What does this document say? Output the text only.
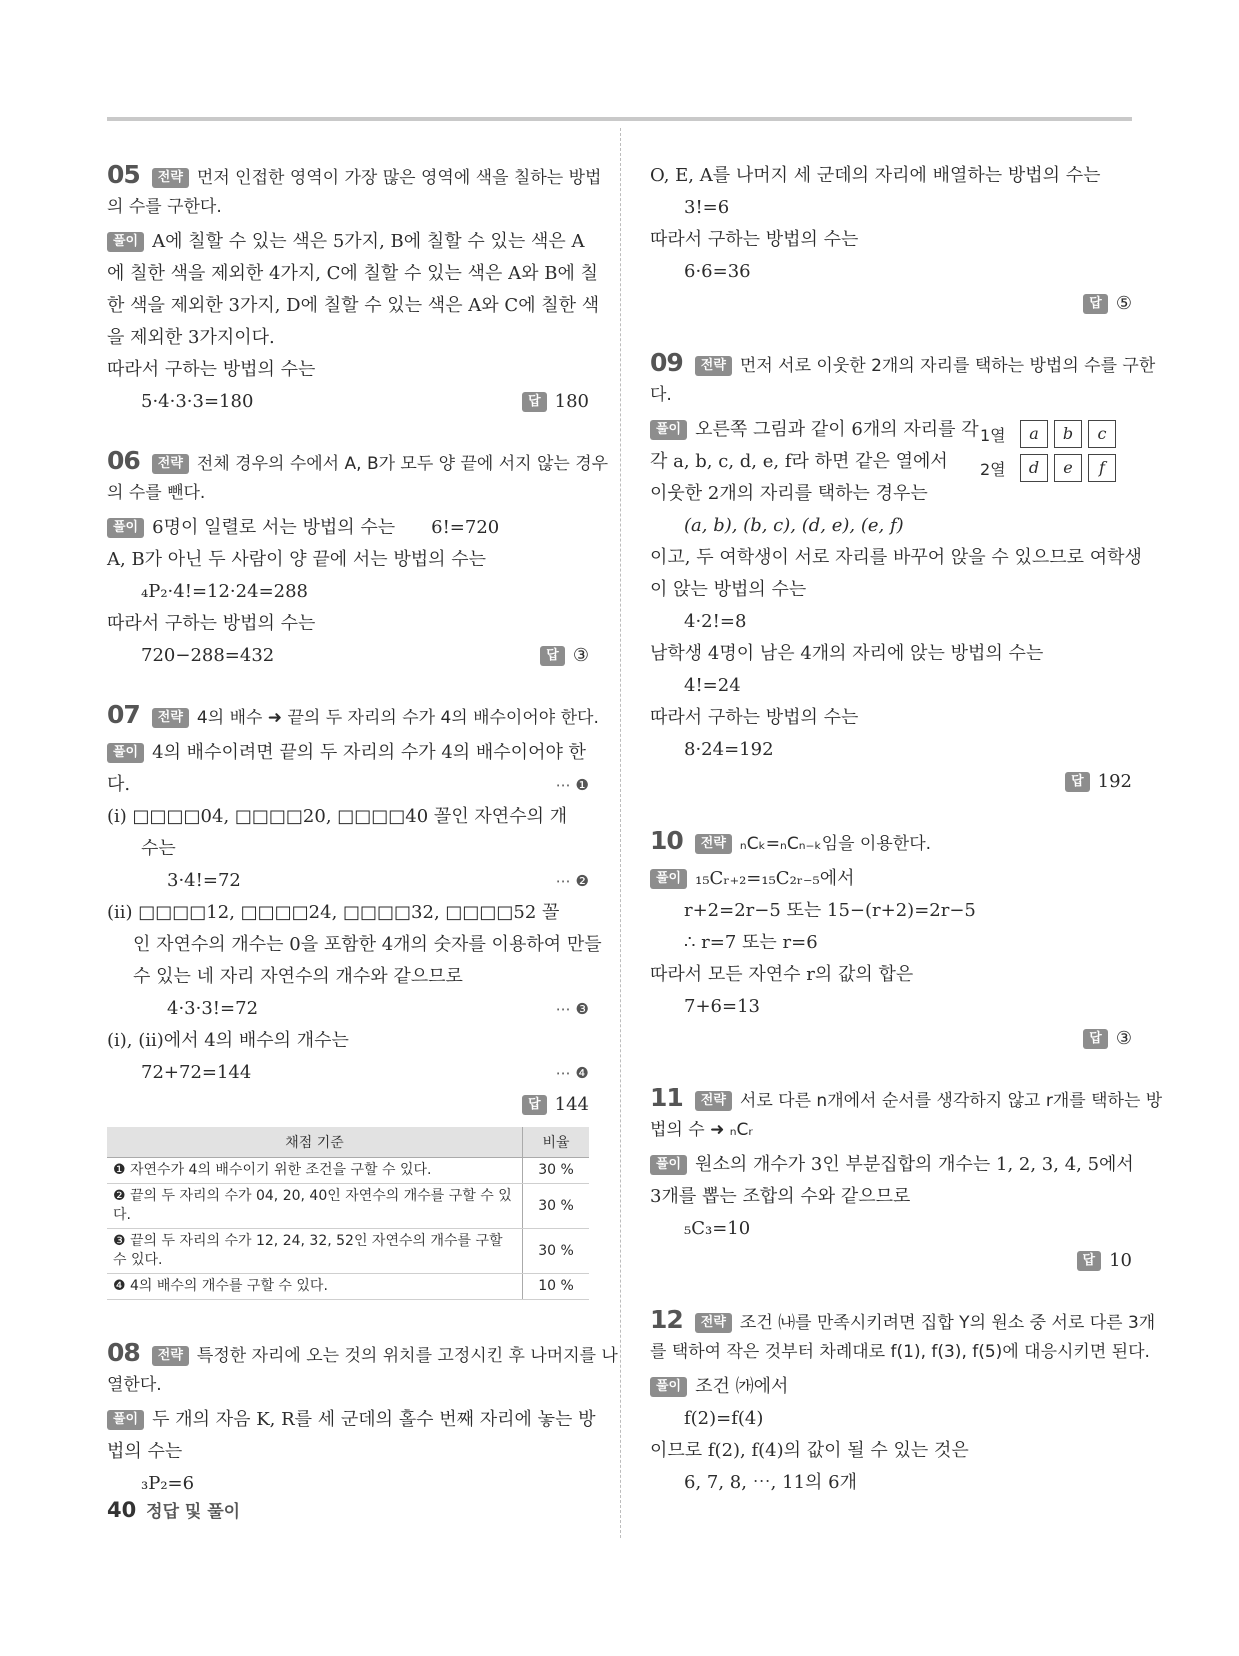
05 전략 먼저 인접한 영역이 가장 많은 영역에 색을 칠하는 방법
의 수를 구한다.
풀이 A에 칠할 수 있는 색은 5가지, B에 칠할 수 있는 색은 A
에 칠한 색을 제외한 4가지, C에 칠할 수 있는 색은 A와 B에 칠
한 색을 제외한 3가지, D에 칠할 수 있는 색은 A와 C에 칠한 색
을 제외한 3가지이다.
따라서 구하는 방법의 수는
5·4·3·3=180	답 180
06 전략 전체 경우의 수에서 A, B가 모두 양 끝에 서지 않는 경우
의 수를 뺀다.
풀이 6명이 일렬로 서는 방법의 수는　　6!=720
A, B가 아닌 두 사람이 양 끝에 서는 방법의 수는
₄P₂·4!=12·24=288
따라서 구하는 방법의 수는
720−288=432	답 ③
07 전략 4의 배수 ➜ 끝의 두 자리의 수가 4의 배수이어야 한다.
풀이 4의 배수이려면 끝의 두 자리의 수가 4의 배수이어야 한
다.	⋯ ❶
(i) □□□□04, □□□□20, □□□□40 꼴인 자연수의 개
수는
3·4!=72	⋯ ❷
(ii) □□□□12, □□□□24, □□□□32, □□□□52 꼴
인 자연수의 개수는 0을 포함한 4개의 숫자를 이용하여 만들
수 있는 네 자리 자연수의 개수와 같으므로
4·3·3!=72	⋯ ❸
(i), (ii)에서 4의 배수의 개수는
72+72=144	⋯ ❹
답 144
채점 기준	비율
❶ 자연수가 4의 배수이기 위한 조건을 구할 수 있다.	30 %
❷ 끝의 두 자리의 수가 04, 20, 40인 자연수의 개수를 구할 수 있다.	30 %
❸ 끝의 두 자리의 수가 12, 24, 32, 52인 자연수의 개수를 구할 수 있다.	30 %
❹ 4의 배수의 개수를 구할 수 있다.	10 %
08 전략 특정한 자리에 오는 것의 위치를 고정시킨 후 나머지를 나
열한다.
풀이 두 개의 자음 K, R를 세 군데의 홀수 번째 자리에 놓는 방
법의 수는
₃P₂=6
O, E, A를 나머지 세 군데의 자리에 배열하는 방법의 수는
3!=6
따라서 구하는 방법의 수는
6·6=36
답 ⑤
09 전략 먼저 서로 이웃한 2개의 자리를 택하는 방법의 수를 구한
다.
1열	a	b	c
2열	d	e	f
풀이 오른쪽 그림과 같이 6개의 자리를 각
각 a, b, c, d, e, f라 하면 같은 열에서
이웃한 2개의 자리를 택하는 경우는
(a, b), (b, c), (d, e), (e, f)
이고, 두 여학생이 서로 자리를 바꾸어 앉을 수 있으므로 여학생
이 앉는 방법의 수는
4·2!=8
남학생 4명이 남은 4개의 자리에 앉는 방법의 수는
4!=24
따라서 구하는 방법의 수는
8·24=192
답 192
10 전략 ₙCₖ=ₙCₙ₋ₖ임을 이용한다.
풀이 ₁₅Cᵣ₊₂=₁₅C₂ᵣ₋₅에서
r+2=2r−5 또는 15−(r+2)=2r−5
∴ r=7 또는 r=6
따라서 모든 자연수 r의 값의 합은
7+6=13
답 ③
11 전략 서로 다른 n개에서 순서를 생각하지 않고 r개를 택하는 방
법의 수 ➜ ₙCᵣ
풀이 원소의 개수가 3인 부분집합의 개수는 1, 2, 3, 4, 5에서
3개를 뽑는 조합의 수와 같으므로
₅C₃=10
답 10
12 전략 조건 ㈏를 만족시키려면 집합 Y의 원소 중 서로 다른 3개
를 택하여 작은 것부터 차례대로 f(1), f(3), f(5)에 대응시키면 된다.
풀이 조건 ㈎에서
f(2)=f(4)
이므로 f(2), f(4)의 값이 될 수 있는 것은
6, 7, 8, ⋯, 11의 6개
40 정답 및 풀이
